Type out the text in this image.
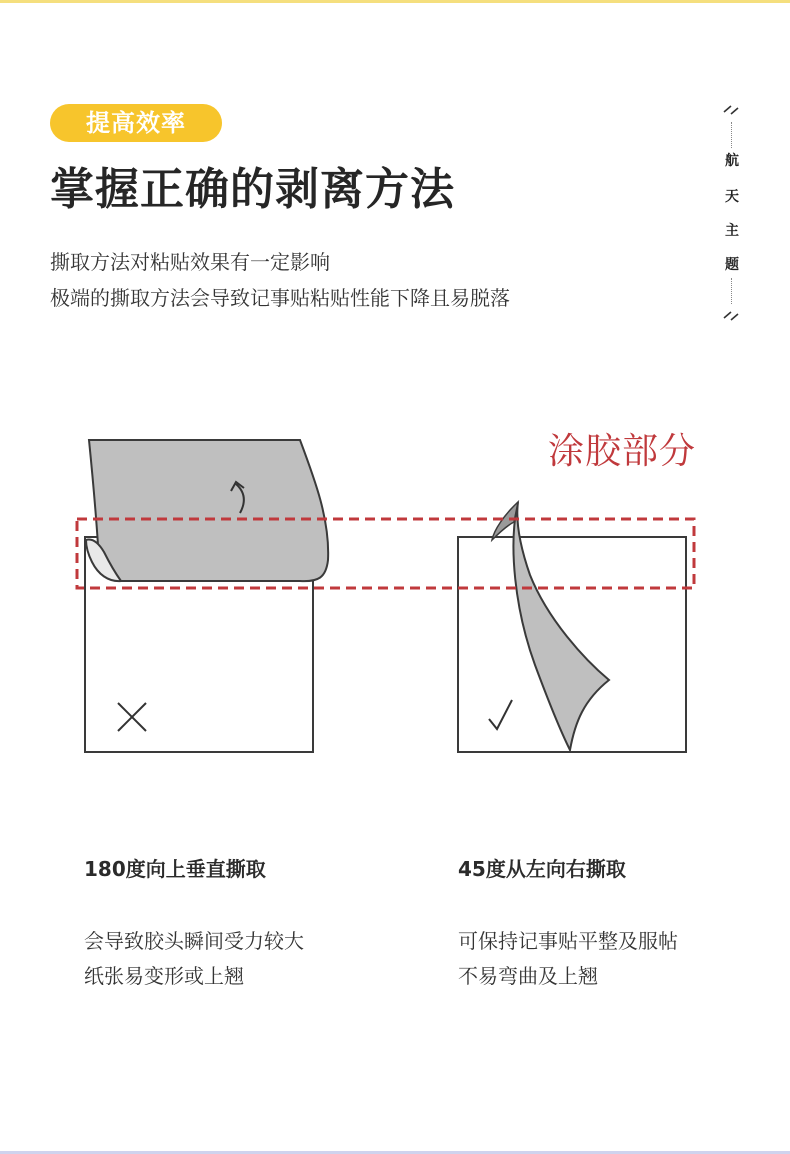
提高效率
掌握正确的剥离方法
撕取方法对粘贴效果有一定影响
极端的撕取方法会导致记事贴粘贴性能下降且易脱落
航
天
主
题
涂胶部分
180度向上垂直撕取
会导致胶头瞬间受力较大
纸张易变形或上翘
45度从左向右撕取
可保持记事贴平整及服帖
不易弯曲及上翘
